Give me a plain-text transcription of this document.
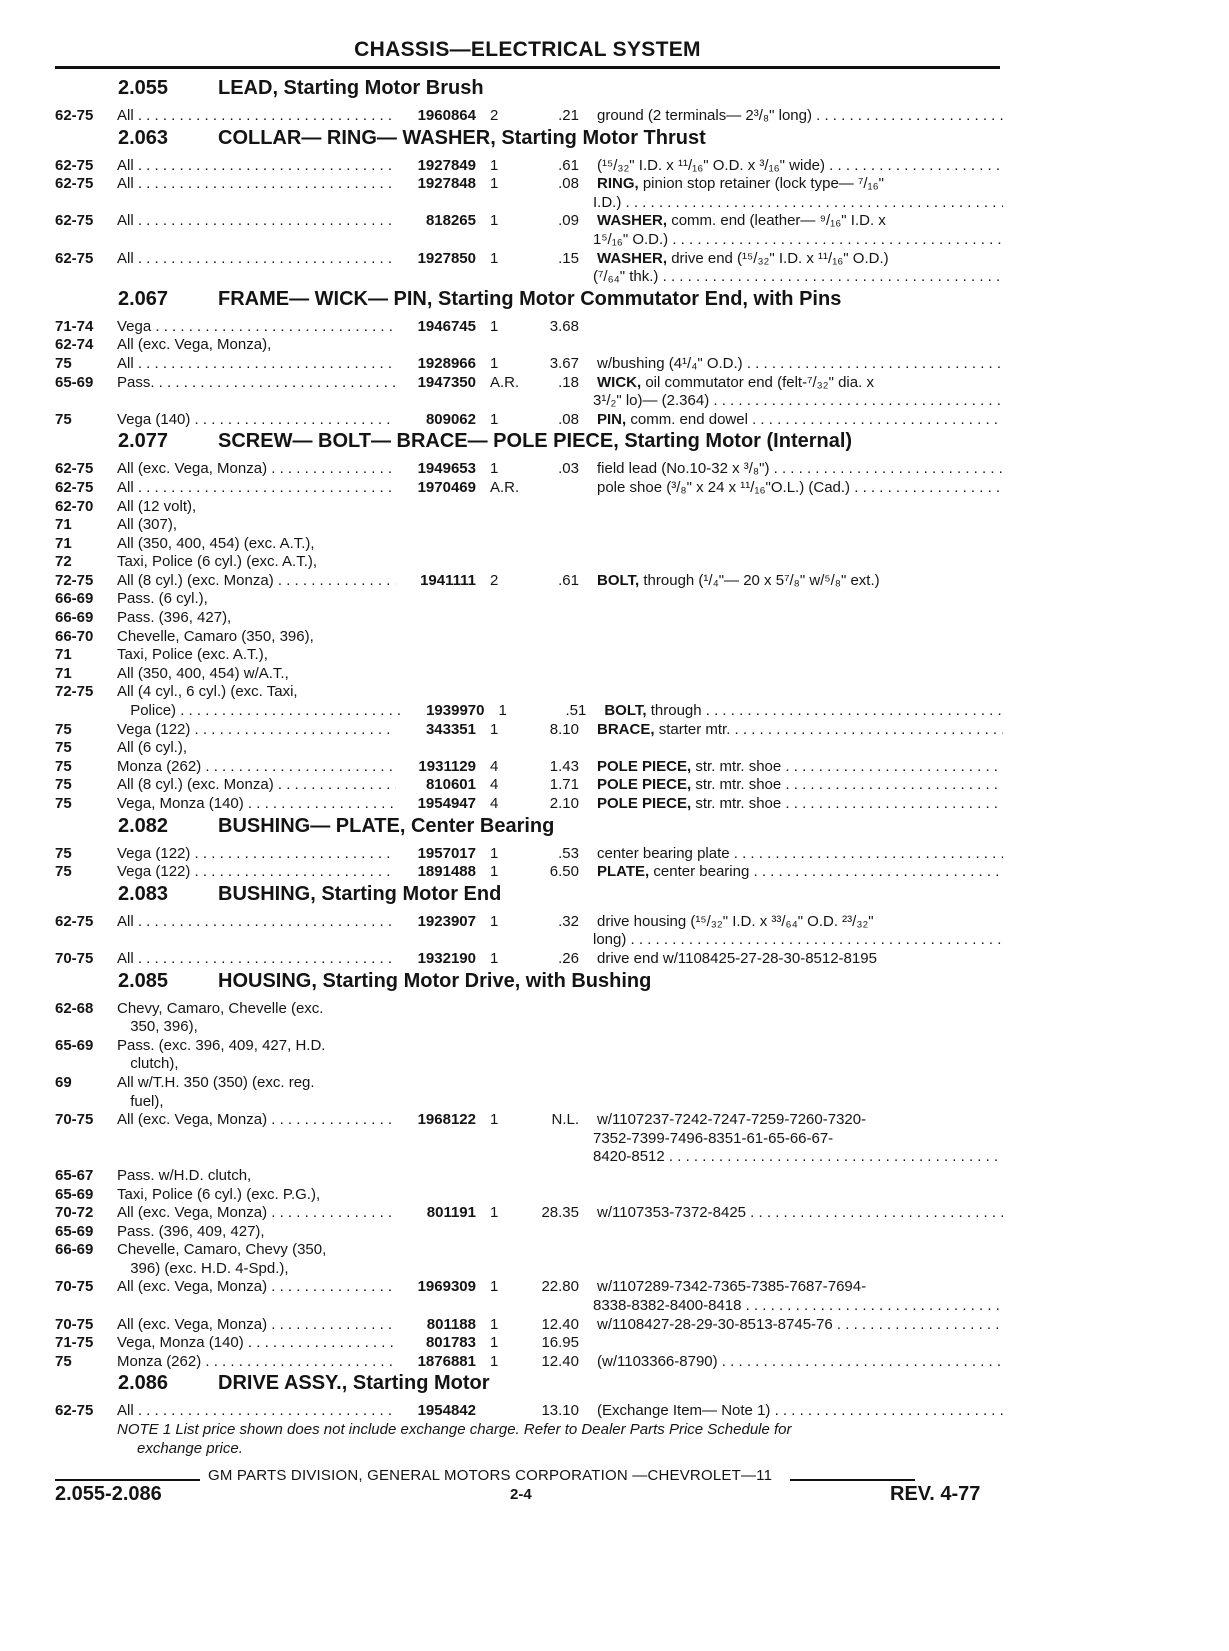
CHASSIS—ELECTRICAL SYSTEM
2.055	LEAD, Starting Motor Brush
62-75	All . . .	1960864 2	.21 ground (2 terminals— 2³/₈" long) . . .
2.063	COLLAR— RING— WASHER, Starting Motor Thrust
62-75	All . . .	1927849 1	.61 (¹⁵/₃₂" I.D. x ¹¹/₁₆" O.D. x ³/₁₆" wide) . . .
62-75	All . . .	1927848 1	.08 RING, pinion stop retainer (lock type— ⁷/₁₆"
I.D.) . . .
62-75	All . . .	818265 1	.09 WASHER, comm. end (leather— ⁹/₁₆" I.D. x
1⁵/₁₆" O.D.) . . .
62-75	All . . .	1927850 1	.15 WASHER, drive end (¹⁵/₃₂" I.D. x ¹¹/₁₆" O.D.)
(⁷/₆₄" thk.) . . .
2.067	FRAME— WICK— PIN, Starting Motor Commutator End, with Pins
71-74	Vega . . .	1946745 1	3.68
62-74	All (exc. Vega, Monza),
75	All . . .	1928966 1	3.67 w/bushing (4¹/₄" O.D.) . . .
65-69	Pass. . . .	1947350 A.R.	.18 WICK, oil commutator end (felt-⁷/₃₂" dia. x
3¹/₂" lo)— (2.364) . . .
75	Vega (140) . . .	809062 1	.08 PIN, comm. end dowel . . .
2.077	SCREW— BOLT— BRACE— POLE PIECE, Starting Motor (Internal)
62-75	All (exc. Vega, Monza) . . .	1949653 1	.03 field lead (No.10-32 x ³/₈") . . .
62-75	All . . .	1970469 A.R.	pole shoe (³/₈" x 24 x ¹¹/₁₆"O.L.) (Cad.) . . .
62-70	All (12 volt),
71	All (307),
71	All (350, 400, 454) (exc. A.T.),
72	Taxi, Police (6 cyl.) (exc. A.T.),
72-75	All (8 cyl.) (exc. Monza) . . .	1941111 2	.61 BOLT, through (¹/₄"— 20 x 5⁷/₈" w/⁵/₈" ext.)
66-69	Pass. (6 cyl.),
66-69	Pass. (396, 427),
66-70	Chevelle, Camaro (350, 396),
71	Taxi, Police (exc. A.T.),
71	All (350, 400, 454) w/A.T.,
72-75	All (4 cyl., 6 cyl.) (exc. Taxi,
Police) . . .	1939970 1	.51 BOLT, through . . .
75	Vega (122) . . .	343351 1	8.10 BRACE, starter mtr. . . .
75	All (6 cyl.),
75	Monza (262) . . .	1931129 4	1.43 POLE PIECE, str. mtr. shoe . . .
75	All (8 cyl.) (exc. Monza) . . .	810601 4	1.71 POLE PIECE, str. mtr. shoe . . .
75	Vega, Monza (140) . . .	1954947 4	2.10 POLE PIECE, str. mtr. shoe . . .
2.082	BUSHING— PLATE, Center Bearing
75	Vega (122) . . .	1957017 1	.53 center bearing plate . . .
75	Vega (122) . . .	1891488 1	6.50 PLATE, center bearing . . .
2.083	BUSHING, Starting Motor End
62-75	All . . .	1923907 1	.32 drive housing (¹⁵/₃₂" I.D. x ³³/₆₄" O.D. ²³/₃₂"
long) . . .
70-75	All . . .	1932190 1	.26 drive end w/1108425-27-28-30-8512-8195
2.085	HOUSING, Starting Motor Drive, with Bushing
62-68	Chevy, Camaro, Chevelle (exc.
350, 396),
65-69	Pass. (exc. 396, 409, 427, H.D.
clutch),
69	All w/T.H. 350 (350) (exc. reg.
fuel),
70-75	All (exc. Vega, Monza) . . .	1968122 1	N.L. w/1107237-7242-7247-7259-7260-7320-
7352-7399-7496-8351-61-65-66-67-
8420-8512 . . .
65-67	Pass. w/H.D. clutch,
65-69	Taxi, Police (6 cyl.) (exc. P.G.),
70-72	All (exc. Vega, Monza) . . .	801191 1	28.35 w/1107353-7372-8425 . . .
65-69	Pass. (396, 409, 427),
66-69	Chevelle, Camaro, Chevy (350,
396) (exc. H.D. 4-Spd.),
70-75	All (exc. Vega, Monza) . . .	1969309 1	22.80 w/1107289-7342-7365-7385-7687-7694-
8338-8382-8400-8418 . . .
70-75	All (exc. Vega, Monza) . . .	801188 1	12.40 w/1108427-28-29-30-8513-8745-76 . . .
71-75	Vega, Monza (140) . . .	801783 1	16.95
75	Monza (262) . . .	1876881 1	12.40 (w/1103366-8790) . . .
2.086	DRIVE ASSY., Starting Motor
62-75	All . . .	1954842	13.10 (Exchange Item— Note 1) . . .
NOTE 1 List price shown does not include exchange charge. Refer to Dealer Parts Price Schedule for
exchange price.
GM PARTS DIVISION, GENERAL MOTORS CORPORATION —CHEVROLET—11
2.055-2.086	2-4	REV. 4-77
